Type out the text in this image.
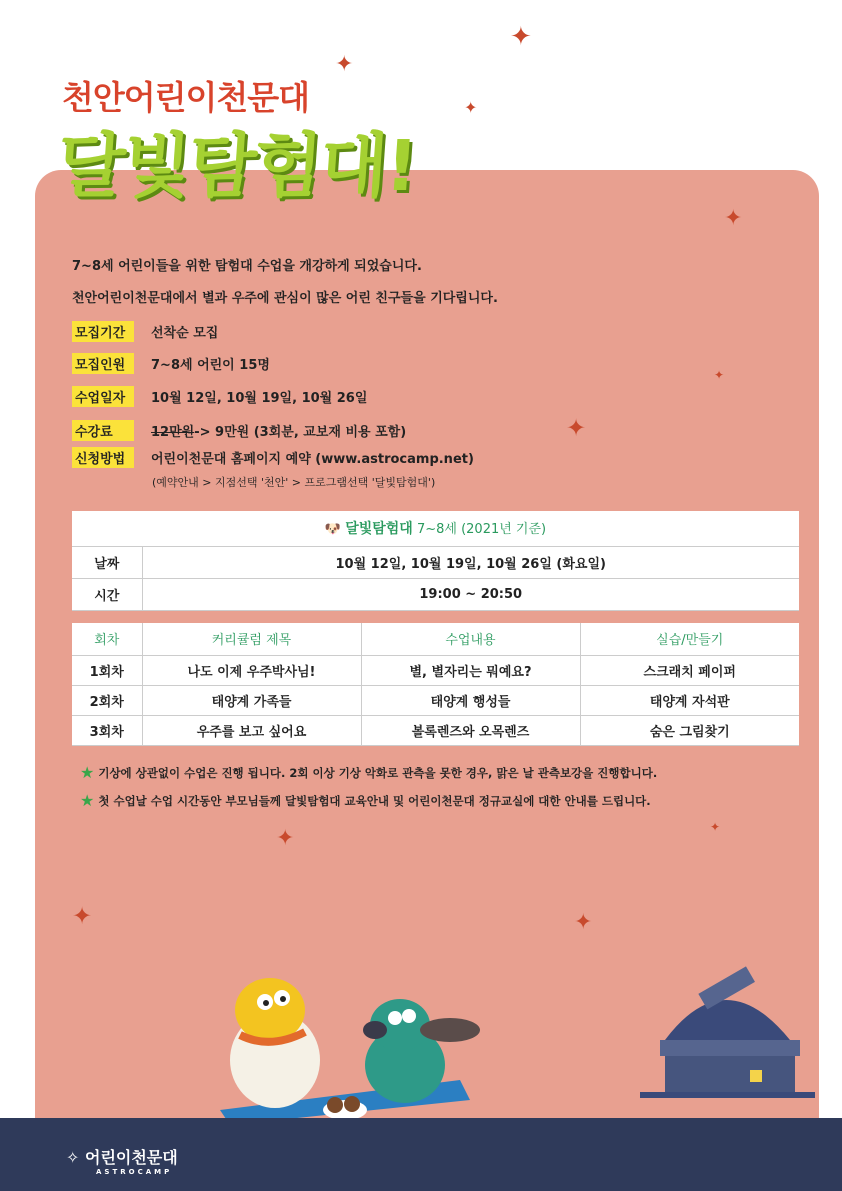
천안어린이천문대
달빛탐험대!
✦
✦
✦
✦
✦
✦
✦
✦	✦
✦
7~8세 어린이들을 위한 탐험대 수업을 개강하게 되었습니다.
천안어린이천문대에서 별과 우주에 관심이 많은 어린 친구들을 기다립니다.
모집기간	선착순 모집
모집인원	7~8세 어린이 15명
수업일자	10월 12일, 10월 19일, 10월 26일
수강료	12만원 -> 9만원 (3회분, 교보재 비용 포함)
신청방법	어린이천문대 홈페이지 예약 (www.astrocamp.net)
(예약안내 > 지점선택 '천안' > 프로그램선택 '달빛탐험대')
🐶 달빛탐험대 7~8세 (2021년 기준)	
날짜	10월 12일, 10월 19일, 10월 26일 (화요일)
시간	19:00 ~ 20:50
회차	커리큘럼 제목	수업내용	실습/만들기
1회차	나도 이제 우주박사님!	별, 별자리는 뭐예요?	스크래치 페이퍼
2회차	태양계 가족들	태양계 행성들	태양계 자석판
3회차	우주를 보고 싶어요	볼록렌즈와 오목렌즈	숨은 그림찾기
★ 기상에 상관없이 수업은 진행 됩니다. 2회 이상 기상 악화로 관측을 못한 경우, 맑은 날 관측보강을 진행합니다.
★ 첫 수업날 수업 시간동안 부모님들께 달빛탐험대 교육안내 및 어린이천문대 정규교실에 대한 안내를 드립니다.
✧ 어린이천문대
ASTROCAMP
